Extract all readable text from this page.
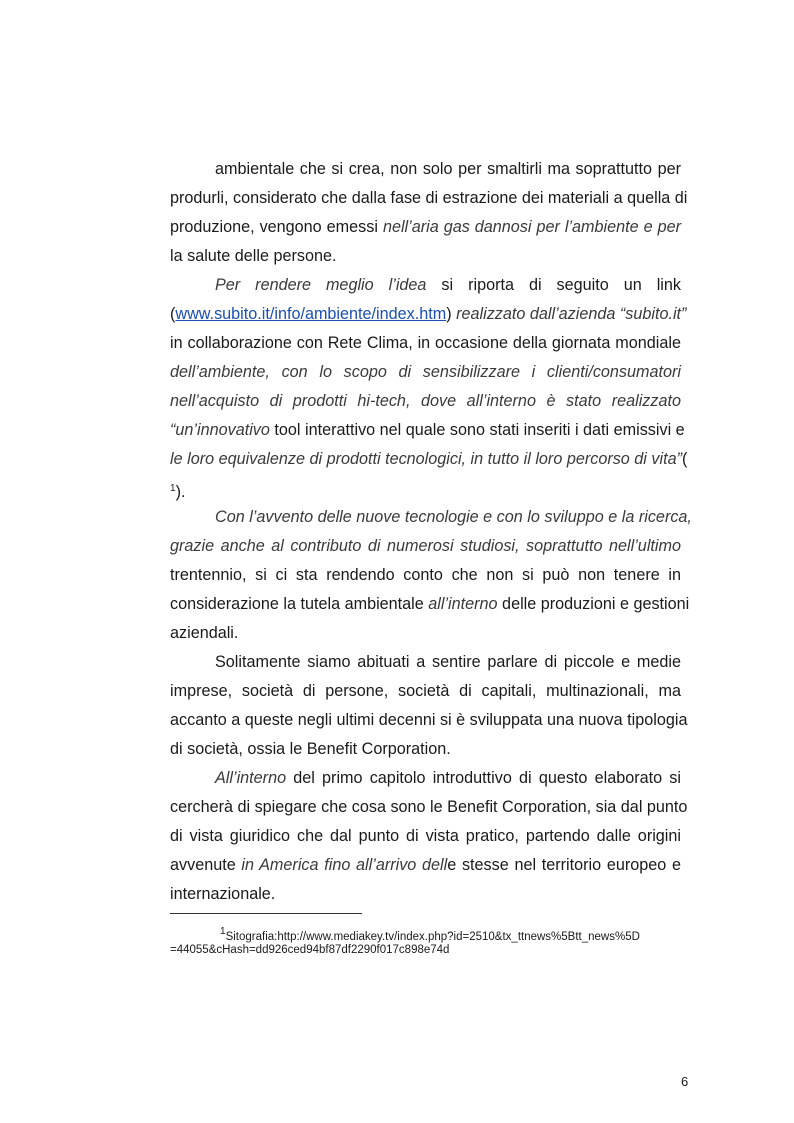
ambientale che si crea, non solo per smaltirli ma soprattutto per
produrli, considerato che dalla fase di estrazione dei materiali a quella di
produzione, vengono emessi nell’aria gas dannosi per l’ambiente e per
la salute delle persone.
Per rendere meglio l’idea si riporta di seguito un link
(www.subito.it/info/ambiente/index.htm) realizzato dall’azienda “subito.it”
in collaborazione con Rete Clima, in occasione della giornata mondiale
dell’ambiente, con lo scopo di sensibilizzare i clienti/consumatori
nell’acquisto di prodotti hi-tech, dove all’interno è stato realizzato
“un’innovativo tool interattivo nel quale sono stati inseriti i dati emissivi e
le loro equivalenze di prodotti tecnologici, in tutto il loro percorso di vita”(
$^1$).
Con l’avvento delle nuove tecnologie e con lo sviluppo e la ricerca,
grazie anche al contributo di numerosi studiosi, soprattutto nell’ultimo
trentennio, si ci sta rendendo conto che non si può non tenere in
considerazione la tutela ambientale all’interno delle produzioni e gestioni
aziendali.
Solitamente siamo abituati a sentire parlare di piccole e medie
imprese, società di persone, società di capitali, multinazionali, ma
accanto a queste negli ultimi decenni si è sviluppata una nuova tipologia
di società, ossia le Benefit Corporation.
All’interno del primo capitolo introduttivo di questo elaborato si
cercherà di spiegare che cosa sono le Benefit Corporation, sia dal punto
di vista giuridico che dal punto di vista pratico, partendo dalle origini
avvenute in America fino all’arrivo delle stesse nel territorio europeo e
internazionale.
1Sitografia:http://www.mediakey.tv/index.php?id=2510&tx_ttnews%5Btt_news%5D
=44055&cHash=dd926ced94bf87df2290f017c898e74d
6
